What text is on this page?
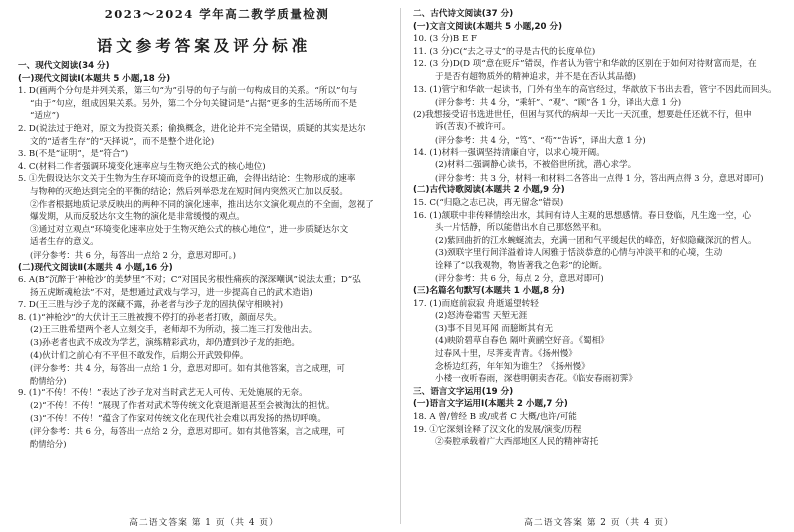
2023～2024 学年高二教学质量检测
语文参考答案及评分标准
一、现代文阅读(34 分)
(一)现代文阅读Ⅰ(本题共 5 小题,18 分)
1. D(画两个分句是并列关系，第三句“为”引导的句子与前一句构成目的关系。“所以”句与
“由于”句应，组成因果关系。另外，第二个分句关键词是“占据”更多的生活场所而不是
“适应”)
2. D(说法过于绝对，原文为投资关系；偷换概念，进化论并不完全错误，质疑的其实是达尔
文的“适者生存”的“天择说”，而不是整个进化论)
3. B(不是“证明”，是“符合”)
4. C(材料二作者强调环境变化速率应与生物灭绝公式的核心地位)
5. ①先假设达尔文关于生物为生存环境而竞争的设想正确，会得出结论：生物形成的速率
与物种的灭绝达到完全的平衡的结论；然后列举恐龙在短时间内突然灭亡加以反驳。
②作者根据地质记录反映出的两种不同的演化速率，推出达尔文演化观点的不全面，忽视了
爆发期，从而反驳达尔文生物的演化是非常缓慢的观点。
③通过对立观点“环境变化速率应处于生物灭绝公式的核心地位”，进一步质疑达尔文
适者生存的意义。
(评分参考：共 6 分，每答出一点给 2 分，意思对即可。)
(二)现代文阅读Ⅱ(本题共 4 小题,16 分)
6. A(B“沉醉于‘神枪沙’的美梦里”不对；C“对国民劣根性痛疾的深深嘲讽”说法太重；D“弘
扬五虎断魂枪法”不对，是想通过武戏与学习，进一步提高自己的武术造诣)
7. D(王三胜与沙子龙的深藏不露，孙老者与沙子龙的固执保守相映衬)
8. (1)“神枪沙”的大伏计王三胜被搜不停打的孙老者打败，颜面尽失。
(2)王三胜希望两个老人立刻交手，老师却不为所动，接二连三打发他出去。
(3)孙老者也武不成改为学艺，演练精彩武功，却仍遭到沙子龙的拒绝。
(4)伙计们之前心有不平但不敢发作，后期公开武毁仰俸。
(评分参考：共 4 分，每答出一点给 1 分，意思对即可。如有其他答案，言之成理，可
酌情给分)
9. (1)“不传！不传！”表达了沙子龙对当时武艺无人可传、无处施展的无奈。
(2)“不传！不传！”展现了作者对武术等传统文化衰退渐退甚至会被淘汰的担忧。
(3)“不传！不传！”蕴含了作家对传统文化在现代社会难以再发扬的热切呼唤。
(评分参考：共 6 分，每答出一点给 2 分，意思对即可。如有其他答案，言之成理，可
酌情给分)
高二语文答案 第 1 页（共 4 页）
二、古代诗文阅读(37 分)
(一)文言文阅读(本题共 5 小题,20 分)
10. (3 分)B E F
11. (3 分)C(“去之寻丈”的寻是古代的长度单位)
12. (3 分)D(D 项“意在贬斥”错误，作者认为管宁和华歆的区别在于如何对待财富而是，在
于是否有超物质外的精神追求，并不是在否认其品德)
13. (1)管宁和华歆一起读书，门外有坐车的高官经过，华歆放下书出去看，管宁不因此而回头。
(评分参考：共 4 分，“乘轩”、“观”、“顾”各 1 分，译出大意 1 分)
(2)我想接受诏书选进世任，但困与冥代的病却一天比一天沉重，想要赴任还就不行，但申
诉(苦衷)不被许可。
(评分参考：共 4 分，“笃”、“苟”“告诉”，译出大意 1 分)
14. (1)材料一强调坚持清廉自守，以求心境开阔。
(2)材料二强调静心读书，不被俗世所扰，潜心求学。
(评分参考：共 3 分，材料一和材料二各答出一点得 1 分，答出两点得 3 分，意思对即可)
(二)古代诗歌阅读(本题共 2 小题,9 分)
15. C(“归隐之志已决，再无留念”错误)
16. (1)颔联中非传释情绘出水，其间有诗人主观的思想感情。春日登临，凡生逸一空，心
头一片恬静，所以能借出水自己那悠然平和。
(2)紫回曲折的江水蜿蜒流去，充满一团和气平缓起伏的峰峦，好似隐藏深沉的哲人。
(3)颈联字里行间洋溢着诗人闲雅于恬淡恭意的心情与冲淡平和的心境，生动
诠释了“以我观物，物皆著我之色彩”的论断。
(评分参考：共 6 分，每点 2 分，意思对即可)
(三)名篇名句默写(本题共 1 小题,8 分)
17. (1)而庭前寂寂 舟逝遥望转轻
(2)怒涛卷霜雪 天堑无涯
(3)事不目见耳闻 而臆断其有无
(4)映阶碧草自春色 隔叶黄鹂空好音。《蜀相》
过春风十里，尽荠麦青青。《扬州慢》
念桥边红药，年年知为谁生？《扬州慢》
小楼一夜听春雨，深巷明朝卖杏花。《临安春雨初霁》
三、语言文字运用(19 分)
(一)语言文字运用Ⅰ(本题共 2 小题,7 分)
18. A 曾/曾经 B 或/或者 C 大概/也许/可能
19. ①它深刻诠释了汉文化的发展/演变/历程
②奏腔承载着广大西部地区人民的精神寄托
高二语文答案 第 2 页（共 4 页）
